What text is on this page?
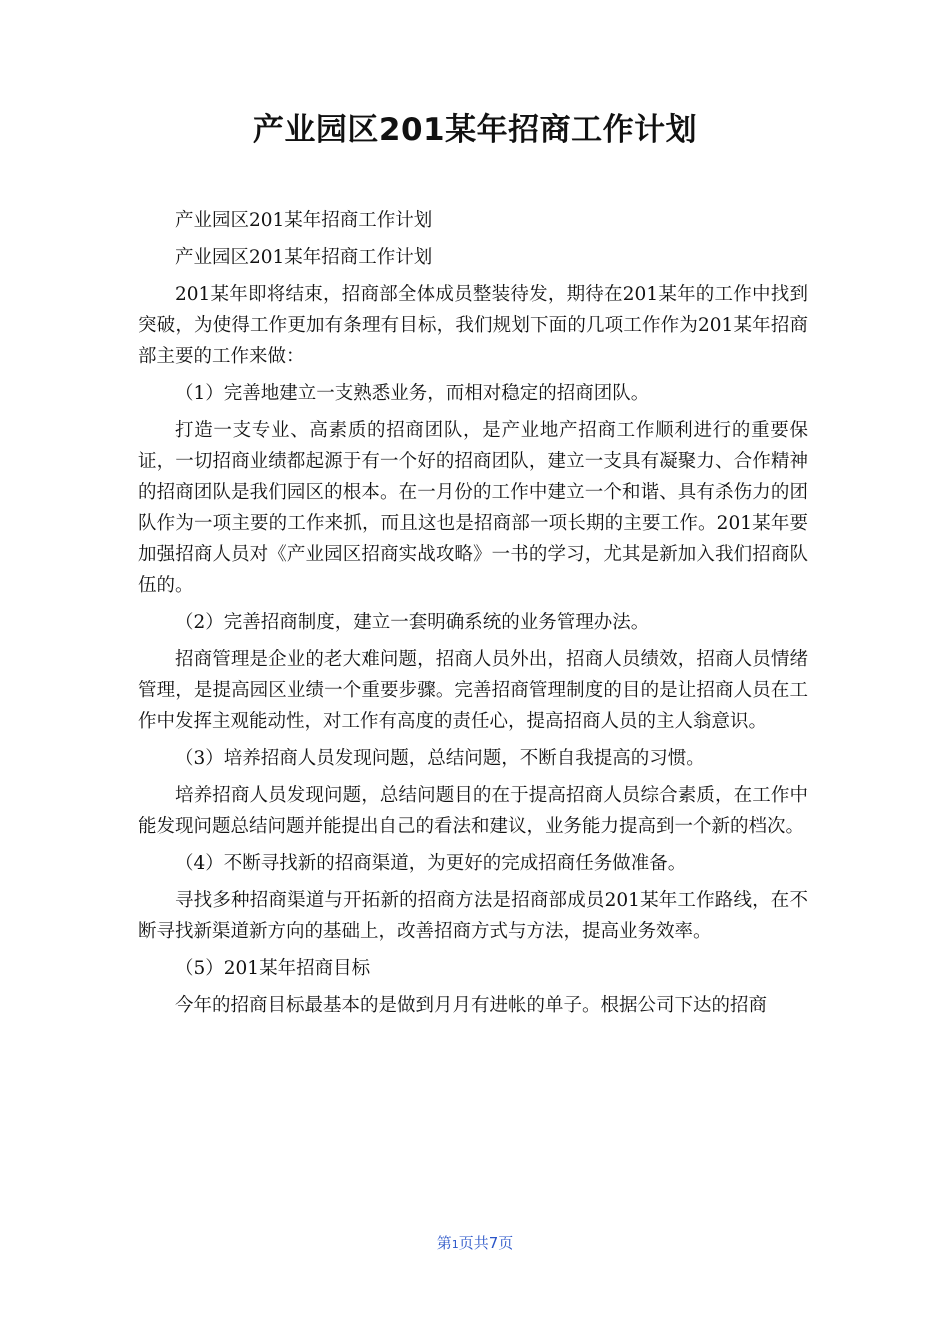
产业园区201某年招商工作计划

产业园区201某年招商工作计划

产业园区201某年招商工作计划

201某年即将结束，招商部全体成员整装待发，期待在201某年的工作中找到突破，为使得工作更加有条理有目标，我们规划下面的几项工作作为201某年招商部主要的工作来做：

（1）完善地建立一支熟悉业务，而相对稳定的招商团队。

打造一支专业、高素质的招商团队，是产业地产招商工作顺利进行的重要保证，一切招商业绩都起源于有一个好的招商团队，建立一支具有凝聚力、合作精神的招商团队是我们园区的根本。在一月份的工作中建立一个和谐、具有杀伤力的团队作为一项主要的工作来抓，而且这也是招商部一项长期的主要工作。201某年要加强招商人员对《产业园区招商实战攻略》一书的学习，尤其是新加入我们招商队伍的。

（2）完善招商制度，建立一套明确系统的业务管理办法。

招商管理是企业的老大难问题，招商人员外出，招商人员绩效，招商人员情绪管理，是提高园区业绩一个重要步骤。完善招商管理制度的目的是让招商人员在工作中发挥主观能动性，对工作有高度的责任心，提高招商人员的主人翁意识。

（3）培养招商人员发现问题，总结问题，不断自我提高的习惯。

培养招商人员发现问题，总结问题目的在于提高招商人员综合素质，在工作中能发现问题总结问题并能提出自己的看法和建议，业务能力提高到一个新的档次。

（4）不断寻找新的招商渠道，为更好的完成招商任务做准备。

寻找多种招商渠道与开拓新的招商方法是招商部成员201某年工作路线，在不断寻找新渠道新方向的基础上，改善招商方式与方法，提高业务效率。

（5）201某年招商目标

今年的招商目标最基本的是做到月月有进帐的单子。根据公司下达的招商

第1页共7页
